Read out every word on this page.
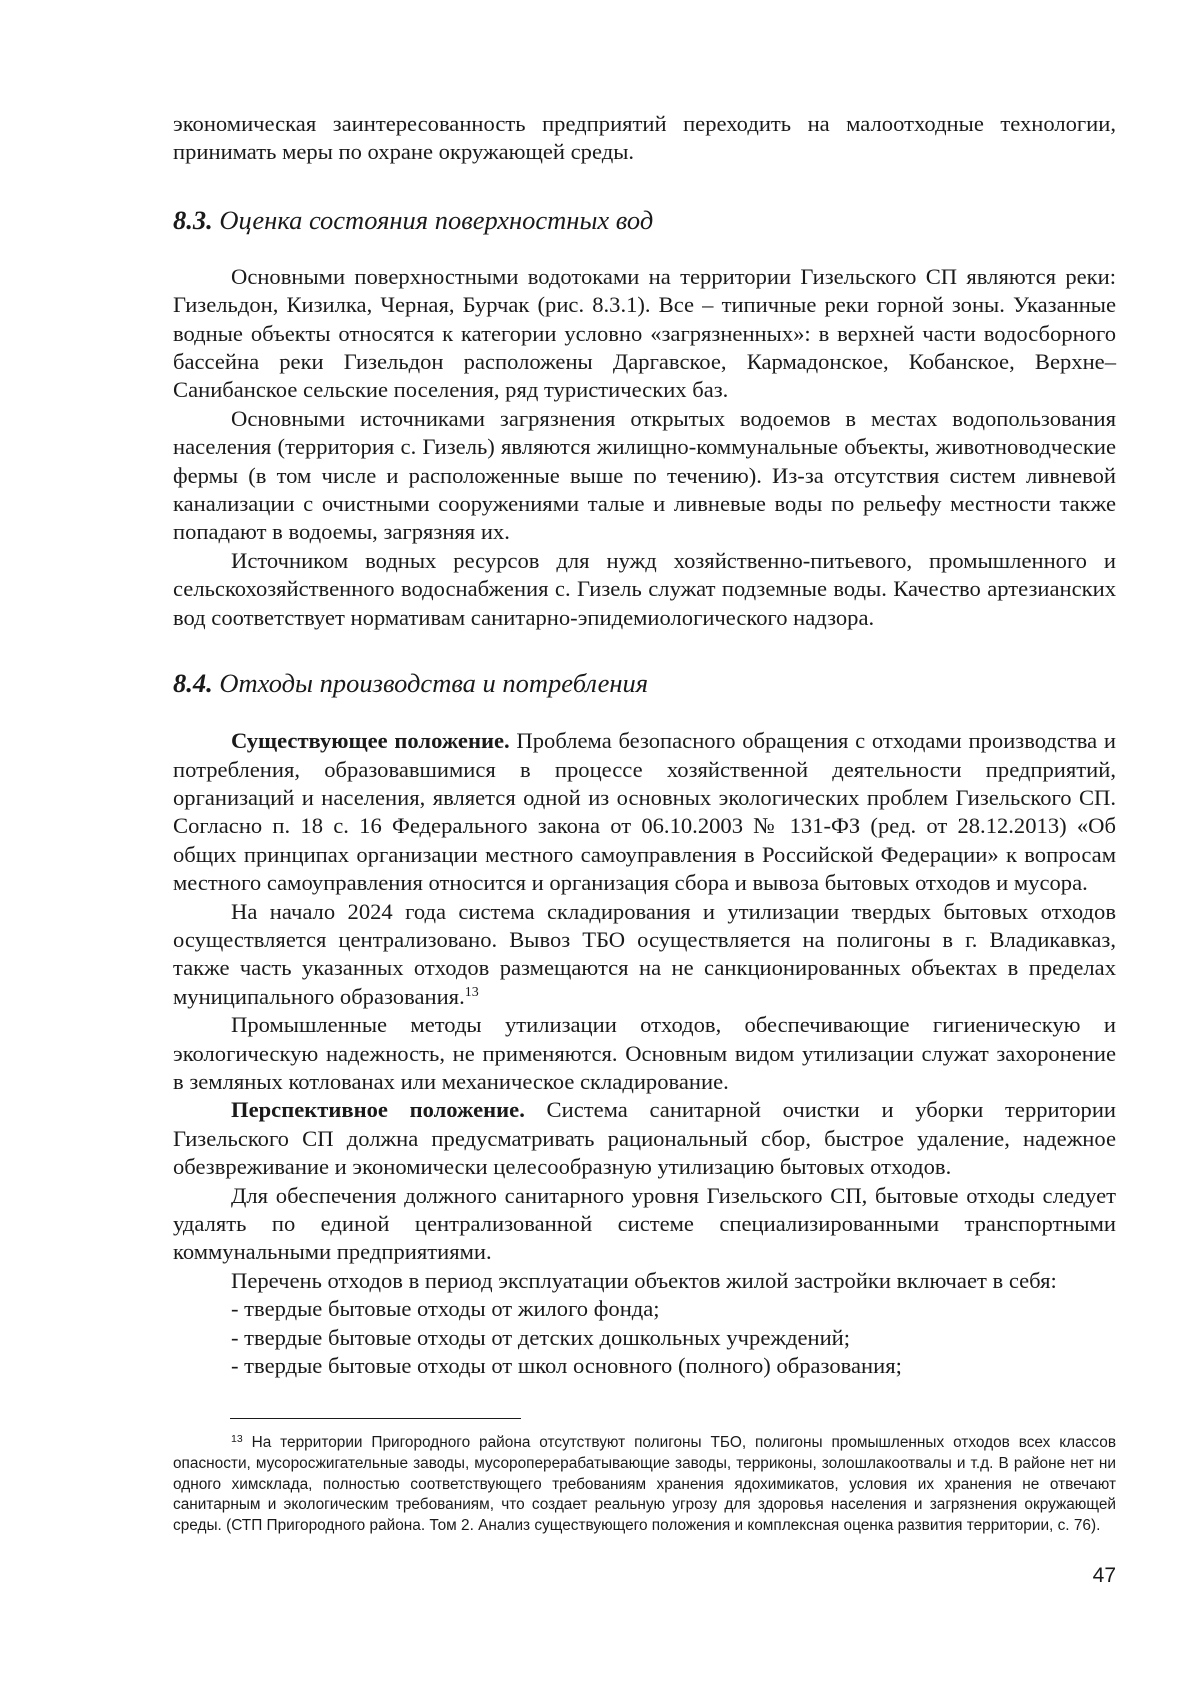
экономическая заинтересованность предприятий переходить на малоотходные технологии, принимать меры по охране окружающей среды.

8.3. Оценка состояния поверхностных вод

Основными поверхностными водотоками на территории Гизельского СП являются реки: Гизельдон, Кизилка, Черная, Бурчак (рис. 8.3.1). Все – типичные реки горной зоны. Указанные водные объекты относятся к категории условно «загрязненных»: в верхней части водосборного бассейна реки Гизельдон расположены Даргавское, Кармадонское, Кобанское, Верхне–Санибанское сельские поселения, ряд туристических баз.

Основными источниками загрязнения открытых водоемов в местах водопользования населения (территория с. Гизель) являются жилищно-коммунальные объекты, животноводческие фермы (в том числе и расположенные выше по течению). Из-за отсутствия систем ливневой канализации с очистными сооружениями талые и ливневые воды по рельефу местности также попадают в водоемы, загрязняя их.

Источником водных ресурсов для нужд хозяйственно-питьевого, промышленного и сельскохозяйственного водоснабжения с. Гизель служат подземные воды. Качество артезианских вод соответствует нормативам санитарно-эпидемиологического надзора.

8.4. Отходы производства и потребления

Существующее положение. Проблема безопасного обращения с отходами производства и потребления, образовавшимися в процессе хозяйственной деятельности предприятий, организаций и населения, является одной из основных экологических проблем Гизельского СП. Согласно п. 18 с. 16 Федерального закона от 06.10.2003 № 131-ФЗ (ред. от 28.12.2013) «Об общих принципах организации местного самоуправления в Российской Федерации» к вопросам местного самоуправления относится и организация сбора и вывоза бытовых отходов и мусора.

На начало 2024 года система складирования и утилизации твердых бытовых отходов осуществляется централизовано. Вывоз ТБО осуществляется на полигоны в г. Владикавказ, также часть указанных отходов размещаются на не санкционированных объектах в пределах муниципального образования.$^{13}$

Промышленные методы утилизации отходов, обеспечивающие гигиеническую и экологическую надежность, не применяются. Основным видом утилизации служат захоронение в земляных котлованах или механическое складирование.

Перспективное положение. Система санитарной очистки и уборки территории Гизельского СП должна предусматривать рациональный сбор, быстрое удаление, надежное обезвреживание и экономически целесообразную утилизацию бытовых отходов.

Для обеспечения должного санитарного уровня Гизельского СП, бытовые отходы следует удалять по единой централизованной системе специализированными транспортными коммунальными предприятиями.

Перечень отходов в период эксплуатации объектов жилой застройки включает в себя:

- твердые бытовые отходы от жилого фонда;

- твердые бытовые отходы от детских дошкольных учреждений;

- твердые бытовые отходы от школ основного (полного) образования;

$^{13}$ На территории Пригородного района отсутствуют полигоны ТБО, полигоны промышленных отходов всех классов опасности, мусоросжигательные заводы, мусороперерабатывающие заводы, терриконы, золошлакоотвалы и т.д. В районе нет ни одного химсклада, полностью соответствующего требованиям хранения ядохимикатов, условия их хранения не отвечают санитарным и экологическим требованиям, что создает реальную угрозу для здоровья населения и загрязнения окружающей среды. (СТП Пригородного района. Том 2. Анализ существующего положения и комплексная оценка развития территории, с. 76).
47
